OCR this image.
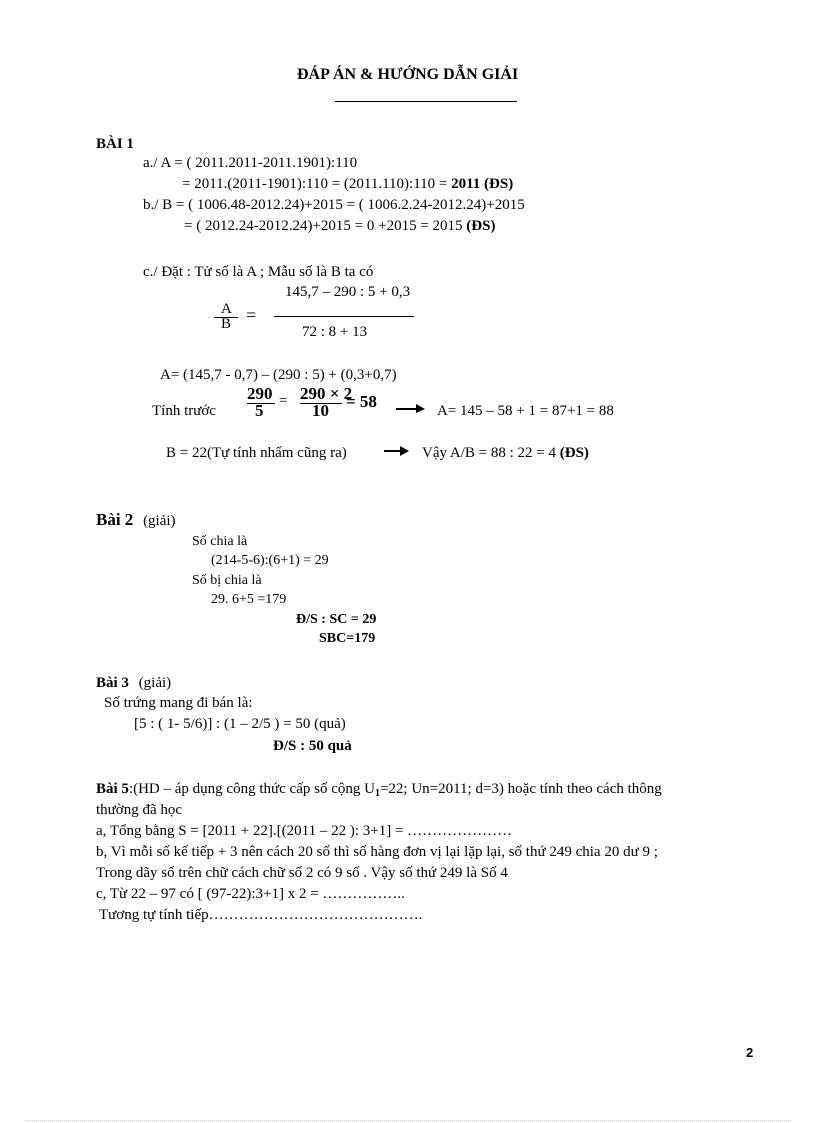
ĐÁP ÁN & HƯỚNG DẪN GIẢI
BÀI 1
a./ A = ( 2011.2011-2011.1901):110
= 2011.(2011-1901):110 = (2011.110):110 = 2011 (ĐS)
b./ B = ( 1006.48-2012.24)+2015 = ( 1006.2.24-2012.24)+2015
= ( 2012.24-2012.24)+2015 = 0 +2015 = 2015 (ĐS)
c./ Đặt : Tử số là A ; Mẫu số là B ta có
145,7 – 290 : 5 + 0,3
72 : 8 + 13
A
B =
A= (145,7 - 0,7) – (290 : 5) + (0,3+0,7)
Tính trước
290
5 = 290 × 2
10 = 58	A= 145 – 58 + 1 = 87+1 = 88
B = 22(Tự tính nhẩm cũng ra)	Vậy A/B = 88 : 22 = 4 (ĐS)
Bài 2 (giải)
Số chia là
(214-5-6):(6+1) = 29
Số bị chia là
29. 6+5 =179
Đ/S : SC = 29
SBC=179
Bài 3 (giải)
Số trứng mang đi bán là:
[5 : ( 1- 5/6)] : (1 – 2/5 ) = 50 (quả)
Đ/S : 50 quả
Bài 5:(HD – áp dụng công thức cấp số cộng $U_1=22$; Un=2011; d=3) hoặc tính theo cách thông
thường đã học
a, Tổng bằng S = [2011 + 22].[(2011 – 22 ): 3+1] = …………………
b, Vì mỗi số kế tiếp + 3 nên cách 20 số thì số hàng đơn vị lại lặp lại, số thứ 249 chia 20 dư 9 ;
Trong dãy số trên chữ cách chữ số 2 có 9 số . Vậy số thứ 249 là Số 4
c, Từ 22 – 97 có [ (97-22):3+1] x 2 = ……………..
Tương tự tính tiếp…………………………………….
2
